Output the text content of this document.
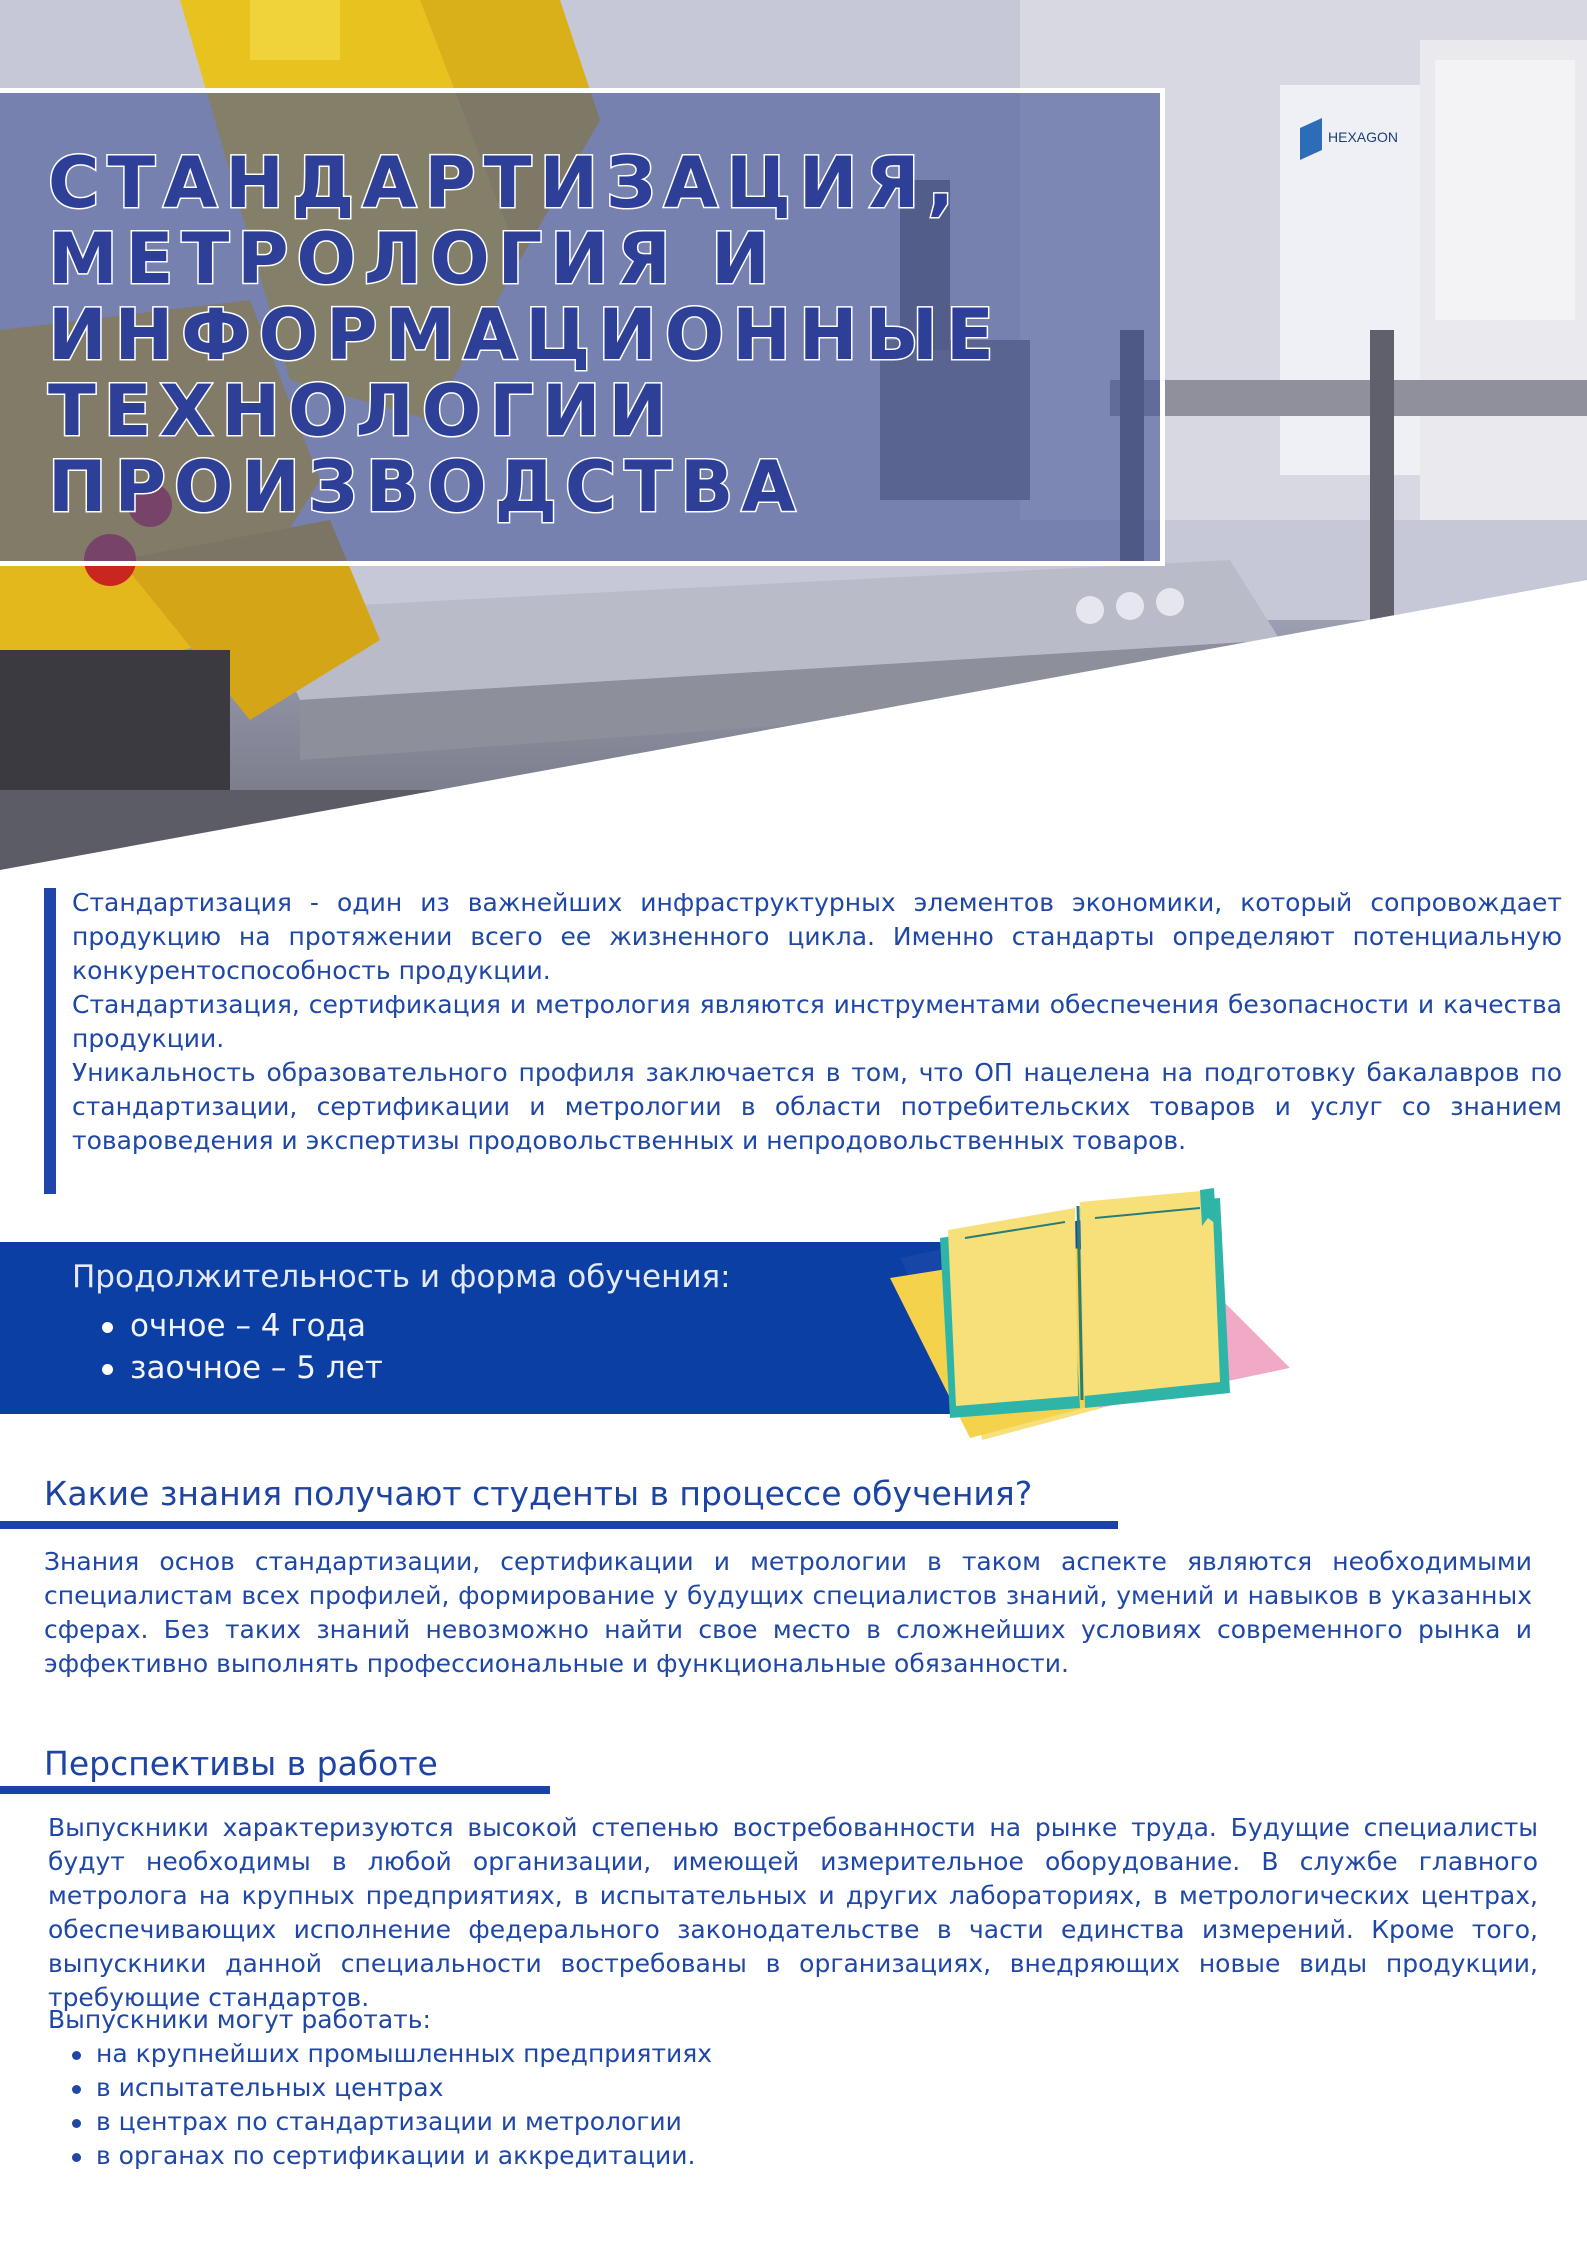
HEXAGON
СТАНДАРТИЗАЦИЯ,
МЕТРОЛОГИЯ И
ИНФОРМАЦИОННЫЕ
ТЕХНОЛОГИИ
ПРОИЗВОДСТВА

Стандартизация - один из важнейших инфраструктурных элементов экономики, который сопровождает продукцию на протяжении всего ее жизненного цикла. Именно стандарты определяют потенциальную конкурентоспособность продукции.

Стандартизация, сертификация и метрология являются инструментами обеспечения безопасности и качества продукции.

Уникальность образовательного профиля заключается в том, что ОП нацелена на подготовку бакалавров по стандартизации, сертификации и метрологии в области потребительских товаров и услуг со знанием товароведения и экспертизы продовольственных и непродовольственных товаров.

Продолжительность и форма обучения:
очное – 4 года
заочное – 5 лет
Какие знания получают студенты в процессе обучения?

Знания основ стандартизации, сертификации и метрологии в таком аспекте являются необходимыми специалистам всех профилей, формирование у будущих специалистов знаний, умений и навыков в указанных сферах. Без таких знаний невозможно найти свое место в сложнейших условиях современного рынка и эффективно выполнять профессиональные и функциональные обязанности.

Перспективы в работе

Выпускники характеризуются высокой степенью востребованности на рынке труда. Будущие специалисты будут необходимы в любой организации, имеющей измерительное оборудование. В службе главного метролога на крупных предприятиях, в испытательных и других лабораториях, в метрологических центрах, обеспечивающих исполнение федерального законодательстве в части единства измерений. Кроме того, выпускники данной специальности востребованы в организациях, внедряющих новые виды продукции, требующие стандартов.

Выпускники могут работать:

на крупнейших промышленных предприятиях
в испытательных центрах
в центрах по стандартизации и метрологии
в органах по сертификации и аккредитации.
